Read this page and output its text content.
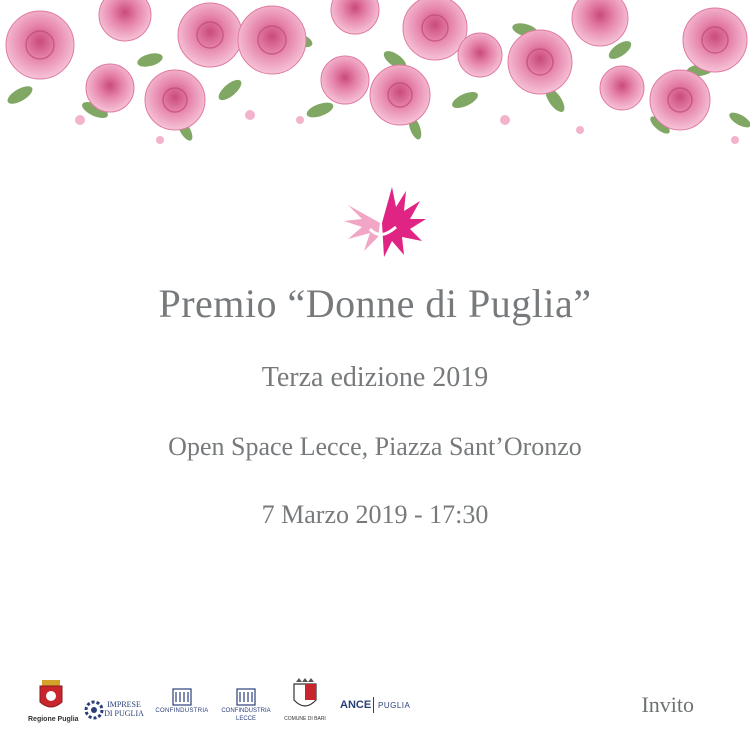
Premio “Donne di Puglia”
Terza edizione 2019
Open Space Lecce, Piazza Sant’Oronzo
7 Marzo 2019 - 17:30
Regione Puglia
IMPRESE
DI PUGLIA CONFINDUSTRIA	CONFINDUSTRIA
LECCE	COMUNE DI BARI
ANCE PUGLIA	Invito
